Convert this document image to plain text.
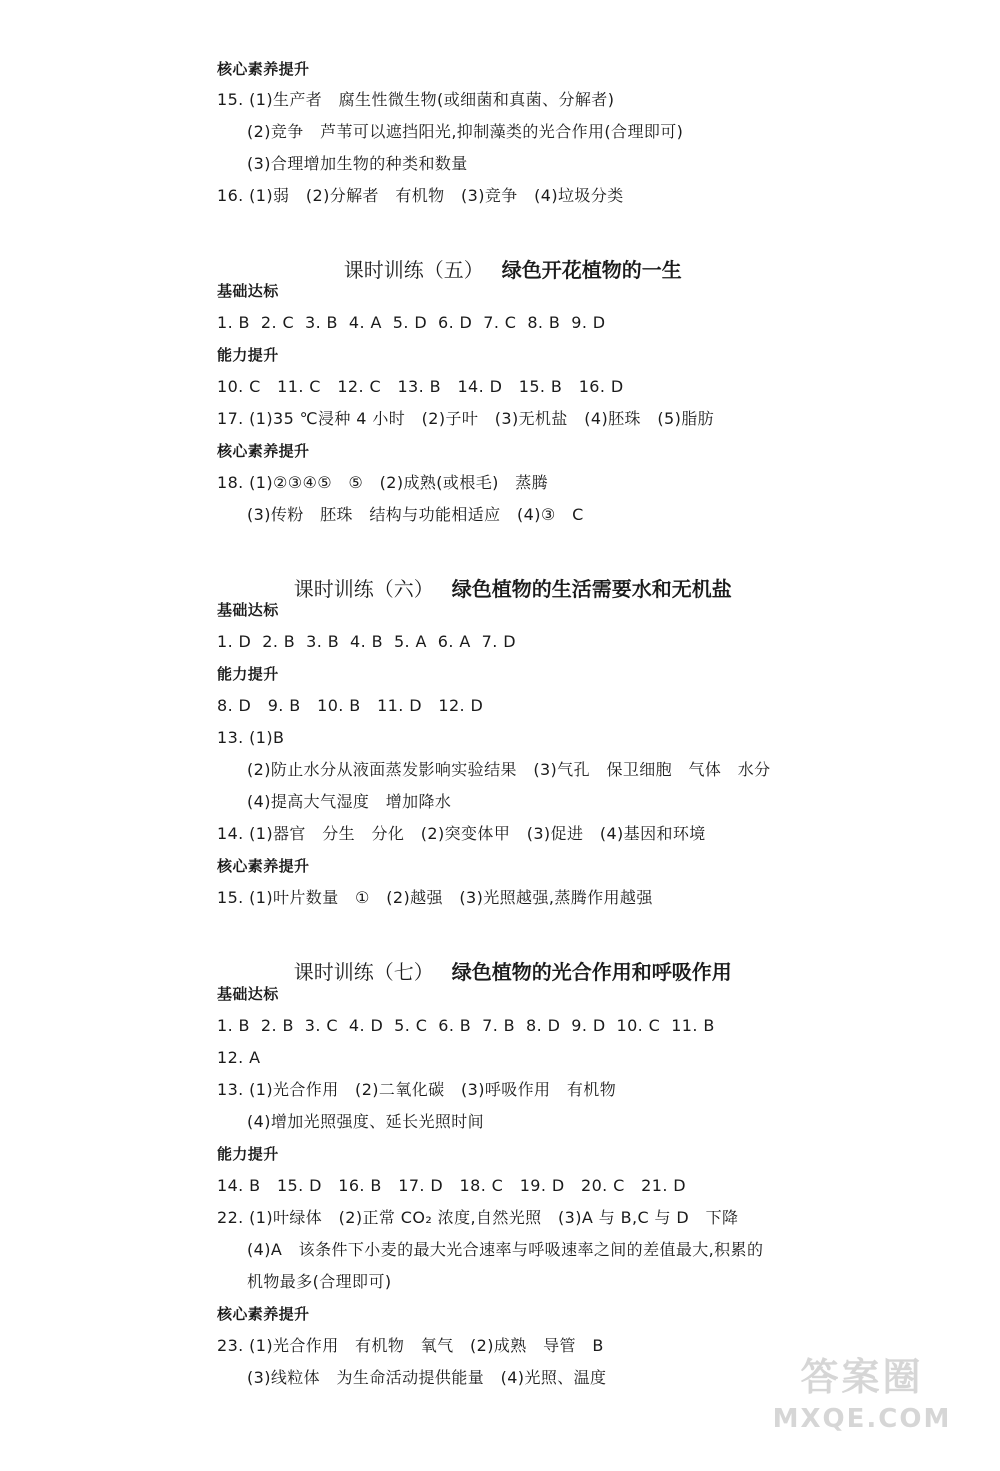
核心素养提升
15. (1)生产者   腐生性微生物(或细菌和真菌、分解者)
(2)竞争   芦苇可以遮挡阳光,抑制藻类的光合作用(合理即可)
(3)合理增加生物的种类和数量
16. (1)弱   (2)分解者   有机物   (3)竞争   (4)垃圾分类

课时训练（五） 绿色开花植物的一生

基础达标
1. B  2. C  3. B  4. A  5. D  6. D  7. C  8. B  9. D
能力提升
10. C   11. C   12. C   13. B   14. D   15. B   16. D
17. (1)35 ℃浸种 4 小时   (2)子叶   (3)无机盐   (4)胚珠   (5)脂肪
核心素养提升
18. (1)②③④⑤   ⑤   (2)成熟(或根毛)   蒸腾
(3)传粉   胚珠   结构与功能相适应   (4)③   C

课时训练（六） 绿色植物的生活需要水和无机盐

基础达标
1. D  2. B  3. B  4. B  5. A  6. A  7. D
能力提升
8. D   9. B   10. B   11. D   12. D
13. (1)B
(2)防止水分从液面蒸发影响实验结果   (3)气孔   保卫细胞   气体   水分
(4)提高大气湿度   增加降水
14. (1)器官   分生   分化   (2)突变体甲   (3)促进   (4)基因和环境
核心素养提升
15. (1)叶片数量   ①   (2)越强   (3)光照越强,蒸腾作用越强

课时训练（七） 绿色植物的光合作用和呼吸作用

基础达标
1. B  2. B  3. C  4. D  5. C  6. B  7. B  8. D  9. D  10. C  11. B
12. A
13. (1)光合作用   (2)二氧化碳   (3)呼吸作用   有机物
(4)增加光照强度、延长光照时间
能力提升
14. B   15. D   16. B   17. D   18. C   19. D   20. C   21. D
22. (1)叶绿体   (2)正常 CO₂ 浓度,自然光照   (3)A 与 B,C 与 D   下降
(4)A   该条件下小麦的最大光合速率与呼吸速率之间的差值最大,积累的
机物最多(合理即可)
核心素养提升
23. (1)光合作用   有机物   氧气   (2)成熟   导管   B
(3)线粒体   为生命活动提供能量   (4)光照、温度	答案圈
MXQE.COM
